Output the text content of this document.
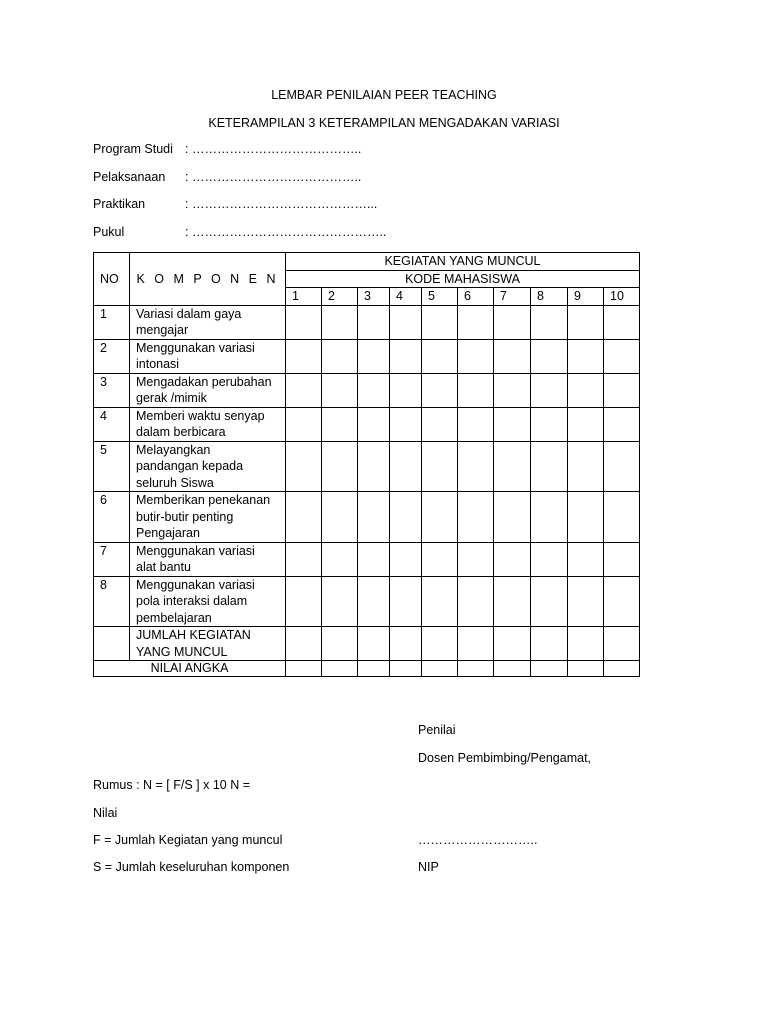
LEMBAR PENILAIAN PEER TEACHING
KETERAMPILAN 3 KETERAMPILAN MENGADAKAN VARIASI
Program Studi : …………………………………..
Pelaksanaan : …………………………………..
Praktikan	: ……………………………………...
Pukul	: ………………………………………..
NO	K O M P O N E N	KEGIATAN YANG MUNCUL									
		KODE MAHASISWA									
		1	2	3	4	5	6	7	8	9	10
1	Variasi dalam gaya
mengajar										

2	Menggunakan variasi
intonasi										

3	Mengadakan perubahan
gerak /mimik										

4	Memberi waktu senyap
dalam berbicara										

5	Melayangkan
pandangan kepada
seluruh Siswa										

6	Memberikan penekanan
butir-butir penting
Pengajaran										

7	Menggunakan variasi
alat bantu										

8	Menggunakan variasi
pola interaksi dalam
pembelajaran										

	JUMLAH KEGIATAN
YANG MUNCUL										

NILAI ANGKA											
Penilai
Dosen Pembimbing/Pengamat,
Rumus : N = [ F/S ] x 10 N =
Nilai
F = Jumlah Kegiatan yang muncul	………………………..
S = Jumlah keseluruhan komponen	NIP
